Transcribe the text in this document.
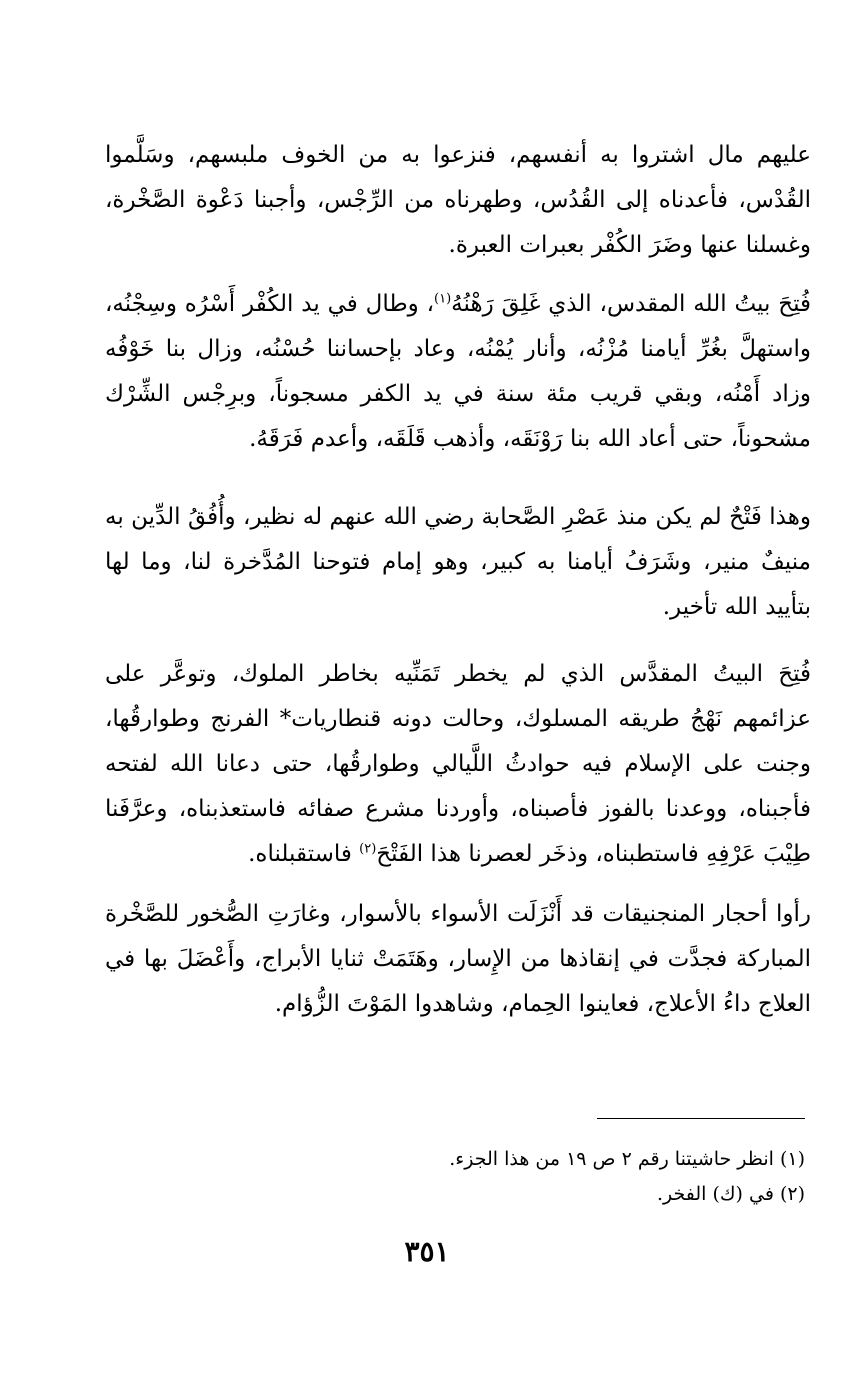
عليهم مال اشتروا به أنفسهم، فنزعوا به من الخوف ملبسهم، وسَلَّموا القُدْس، فأعدناه إلى القُدُس، وطهرناه من الرِّجْس، وأجبنا دَعْوة الصَّخْرة، وغسلنا عنها وضَرَ الكُفْر بعبرات العبرة.

فُتِحَ بيتُ الله المقدس، الذي غَلِقَ رَهْنُهُ$^{(١)}$، وطال في يد الكُفْر أَسْرُه وسِجْنُه، واستهلَّ بغُرِّ أيامنا مُزْنُه، وأنار يُمْنُه، وعاد بإحساننا حُسْنُه، وزال بنا خَوْفُه وزاد أَمْنُه، وبقي قريب مئة سنة في يد الكفر مسجوناً، وبرِجْس الشِّرْك مشحوناً، حتى أعاد الله بنا رَوْنَقَه، وأذهب قَلَقَه، وأعدم فَرَقَهُ.

وهذا فَتْحٌ لم يكن منذ عَصْرِ الصَّحابة رضي الله عنهم له نظير، وأُفُقُ الدِّين به منيفٌ منير، وشَرَفُ أيامنا به كبير، وهو إمام فتوحنا المُدَّخرة لنا، وما لها بتأييد الله تأخير.

فُتِحَ البيتُ المقدَّس الذي لم يخطر تَمَنِّيه بخاطر الملوك، وتوعَّر على عزائمهم نَهْجُ طريقه المسلوك، وحالت دونه قنطاريات* الفرنج وطوارقُها، وجنت على الإسلام فيه حوادثُ اللَّيالي وطوارقُها، حتى دعانا الله لفتحه فأجبناه، ووعدنا بالفوز فأصبناه، وأوردنا مشرع صفائه فاستعذبناه، وعرَّفَنا طِيْبَ عَرْفِهِ فاستطبناه، وذخَر لعصرنا هذا الفَتْحَ$^{(٢)}$ فاستقبلناه.

رأوا أحجار المنجنيقات قد أَنْزَلَت الأسواء بالأسوار، وغارَتِ الصُّخور للصَّخْرة المباركة فجدَّت في إنقاذها من الإِسار، وهَتَمَتْ ثنايا الأبراج، وأَعْضَلَ بها في العلاج داءُ الأعلاج، فعاينوا الحِمام، وشاهدوا المَوْتَ الزُّؤام.

(١) انظر حاشيتنا رقم ٢ ص ١٩ من هذا الجزء.

(٢) في (ك) الفخر.

٣٥١
